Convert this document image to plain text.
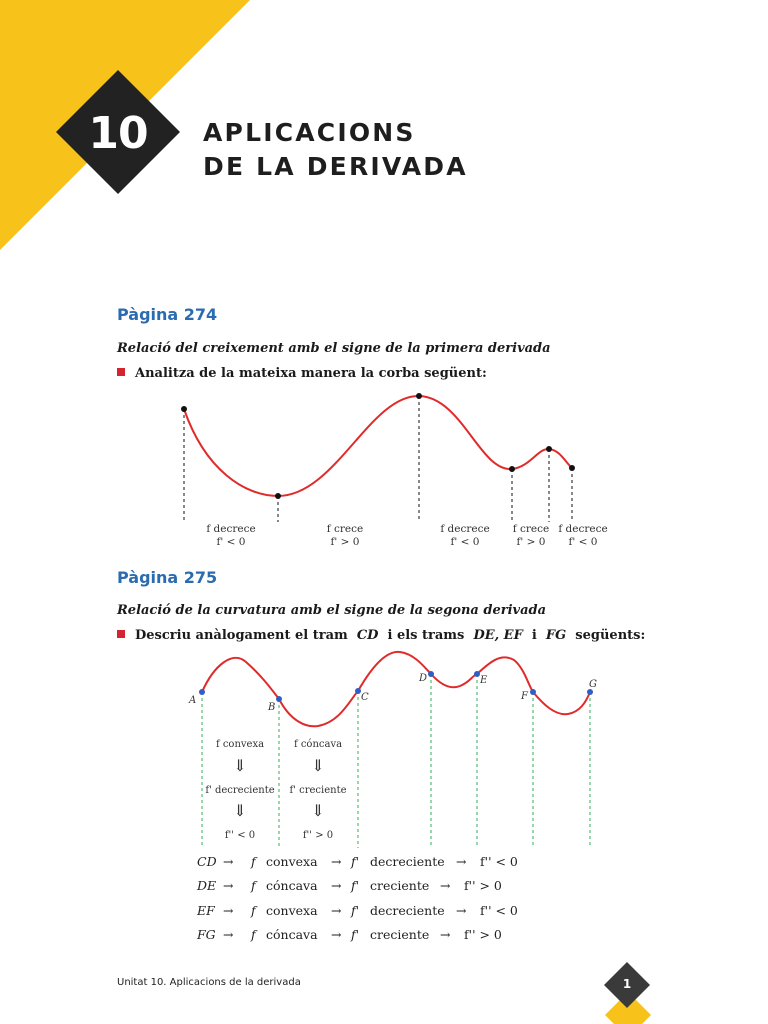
10	APLICACIONS
DE LA DERIVADA
Pàgina 274
Relació del creixement amb el signe de la primera derivada
Analitza de la mateixa manera la corba següent:
f decrece
f' < 0
f crece
f' > 0
f decrece
f' < 0
f crece
f' > 0
f decrece
f' < 0
Pàgina 275
Relació de la curvatura amb el signe de la segona derivada
Descriu anàlogament el tram CD i els trams DE, EF i FG següents:
A
B
C
D	E
F
G
f convexa
⇓
f' decreciente
⇓
f'' < 0
f cóncava
⇓
f' creciente
⇓
f'' > 0
CD → f convexa → f' decreciente → f'' < 0
DE → f cóncava → f' creciente → f'' > 0
EF → f convexa → f' decreciente → f'' < 0
FG → f cóncava → f' creciente → f'' > 0
Unitat 10. Aplicacions de la derivada	1
